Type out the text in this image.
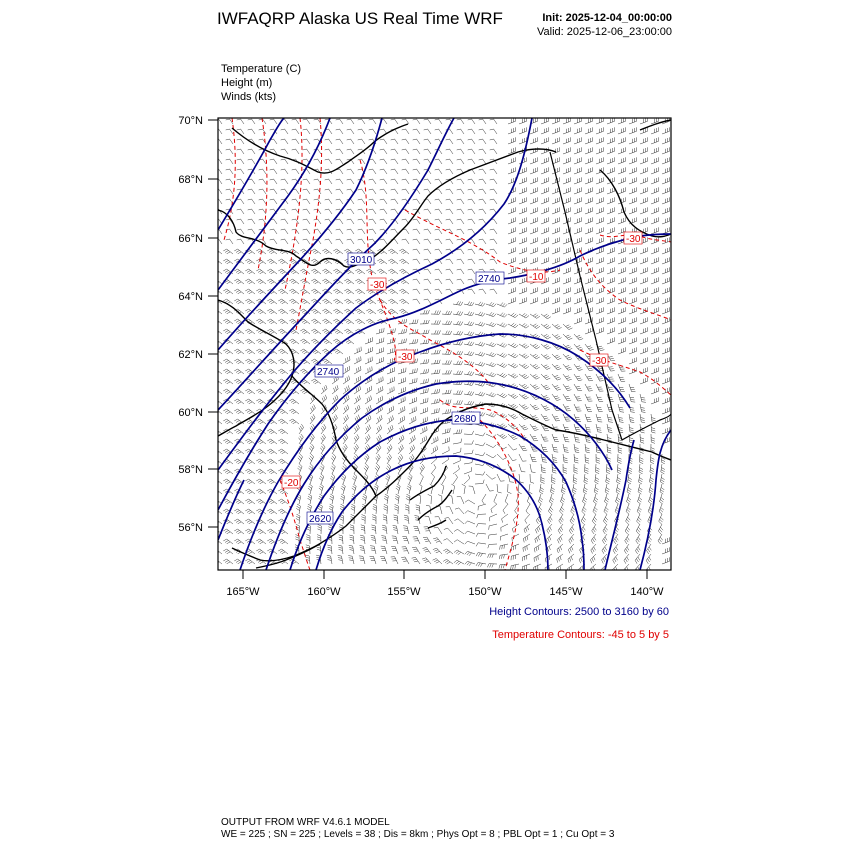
IWFAQRP Alaska US Real Time WRF	Init: 2025-12-04_00:00:00
Valid: 2025-12-06_23:00:00
Temperature (C)
Height (m)
Winds (kts)
2620
2740
2740
2680
3010
-20
-30
-30
-10
-30
-30
70°N
68°N
66°N
64°N
62°N
60°N
58°N
56°N
165°W	160°W	155°W	150°W	145°W	140°W
Height Contours: 2500 to 3160 by 60
Temperature Contours: -45 to 5 by 5
OUTPUT FROM WRF V4.6.1 MODEL
WE = 225 ; SN = 225 ; Levels = 38 ; Dis = 8km ; Phys Opt = 8 ; PBL Opt = 1 ; Cu Opt = 3
